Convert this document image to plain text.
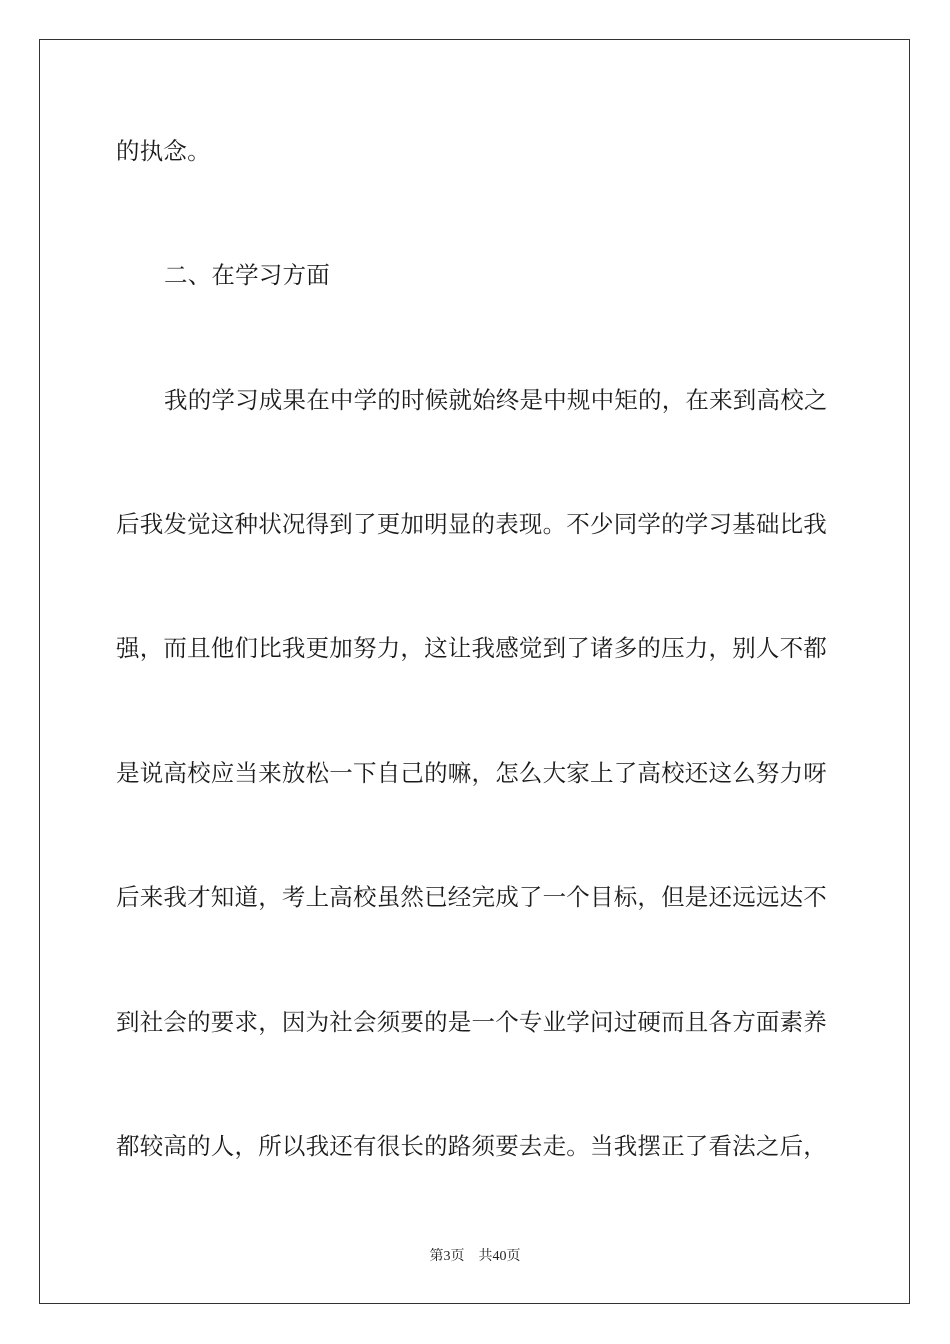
的执念。
二、在学习方面
我的学习成果在中学的时候就始终是中规中矩的，在来到高校之
后我发觉这种状况得到了更加明显的表现。不少同学的学习基础比我
强，而且他们比我更加努力，这让我感觉到了诸多的压力，别人不都
是说高校应当来放松一下自己的嘛，怎么大家上了高校还这么努力呀
后来我才知道，考上高校虽然已经完成了一个目标，但是还远远达不
到社会的要求，因为社会须要的是一个专业学问过硬而且各方面素养
都较高的人，所以我还有很长的路须要去走。当我摆正了看法之后，
第3页　共40页
